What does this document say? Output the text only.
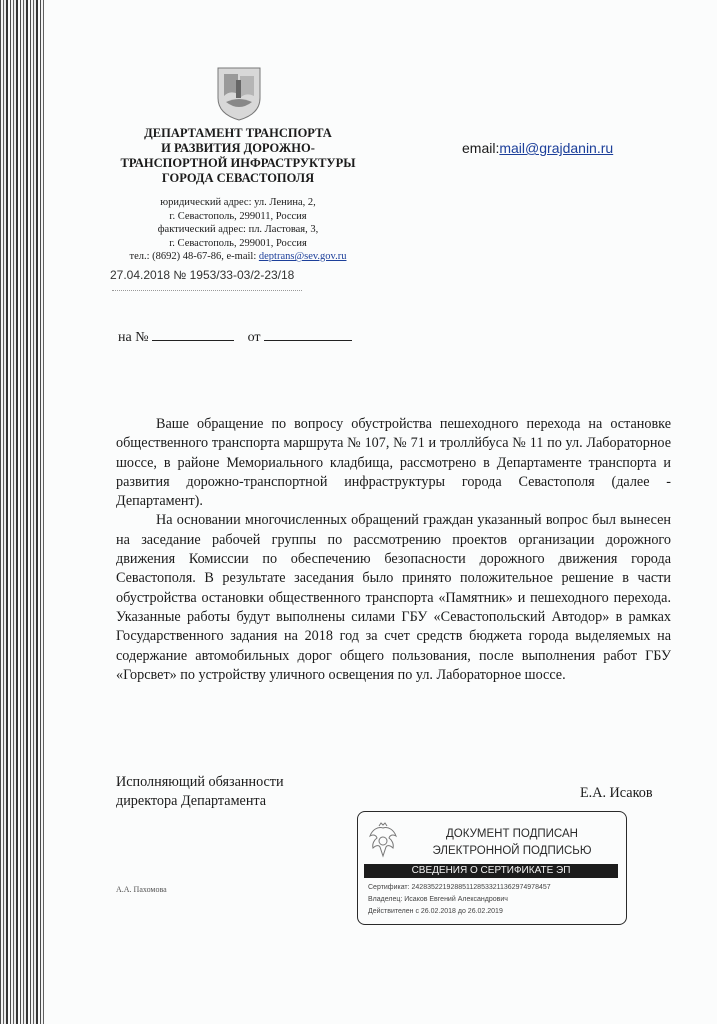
ДЕПАРТАМЕНТ ТРАНСПОРТА
И РАЗВИТИЯ ДОРОЖНО-
ТРАНСПОРТНОЙ ИНФРАСТРУКТУРЫ
ГОРОДА СЕВАСТОПОЛЯ
юридический адрес: ул. Ленина, 2,
г. Севастополь, 299011, Россия
фактический адрес: пл. Ластовая, 3,
г. Севастополь, 299001, Россия
тел.: (8692) 48-67-86, e-mail: deptrans@sev.gov.ru
27.04.2018 № 1953/33-03/2-23/18
email:mail@grajdanin.ru
на №	от

Ваше обращение по вопросу обустройства пешеходного перехода на остановке общественного транспорта маршрута № 107, № 71 и троллйбуса № 11 по ул. Лабораторное шоссе, в районе Мемориального кладбища, рассмотрено в Департаменте транспорта и развития дорожно-транспортной инфраструктуры города Севастополя (далее - Департамент).

На основании многочисленных обращений граждан указанный вопрос был вынесен на заседание рабочей группы по рассмотрению проектов организации дорожного движения Комиссии по обеспечению безопасности дорожного движения города Севастополя. В результате заседания было принято положительное решение в части обустройства остановки общественного транспорта «Памятник» и пешеходного перехода. Указанные работы будут выполнены силами ГБУ «Севастопольский Автодор» в рамках Государственного задания на 2018 год за счет средств бюджета города выделяемых на содержание автомобильных дорог общего пользования, после выполнения работ ГБУ «Горсвет» по устройству уличного освещения по ул. Лабораторное шоссе.

Исполняющий обязанности
директора Департамента	Е.А. Исаков
ДОКУМЕНТ ПОДПИСАН
ЭЛЕКТРОННОЙ ПОДПИСЬЮ
СВЕДЕНИЯ О СЕРТИФИКАТЕ ЭП
Сертификат: 242835221928851128533211362974978457
Владелец: Исаков Евгений Александрович
Действителен с 26.02.2018 до 26.02.2019
А.А. Пахомова
